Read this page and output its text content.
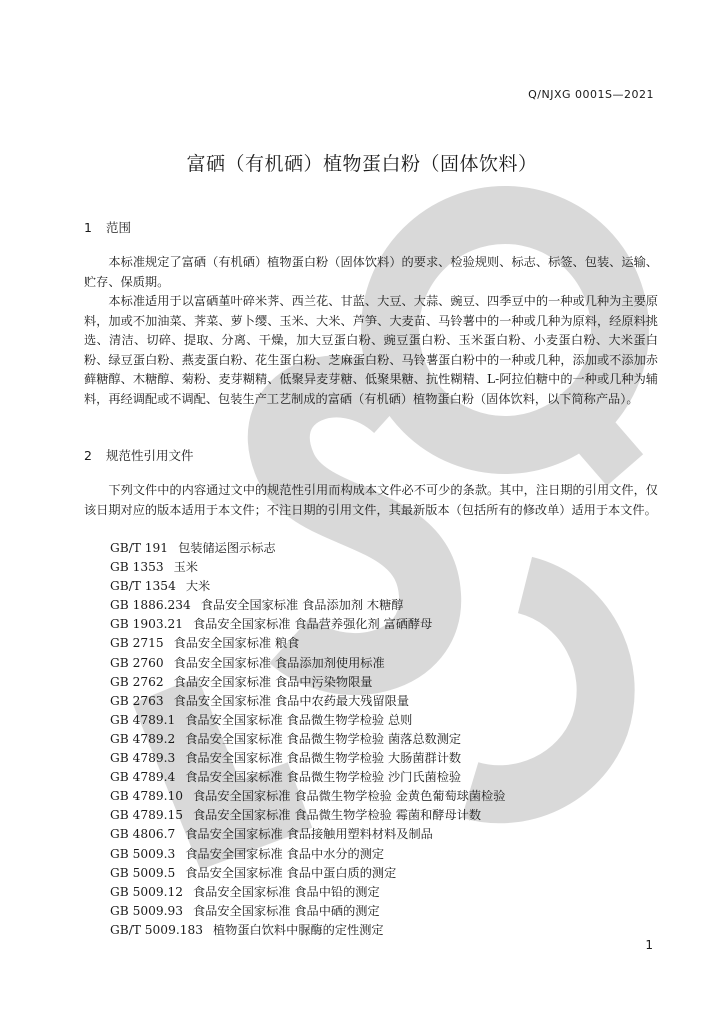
Q/NJXG 0001S—2021
富硒（有机硒）植物蛋白粉（固体饮料）
1 范围

本标准规定了富硒（有机硒）植物蛋白粉（固体饮料）的要求、检验规则、标志、标签、包装、运输、贮存、保质期。

本标准适用于以富硒堇叶碎米荠、西兰花、甘蓝、大豆、大蒜、豌豆、四季豆中的一种或几种为主要原料，加或不加油菜、荠菜、萝卜缨、玉米、大米、芦笋、大麦苗、马铃薯中的一种或几种为原料，经原料挑选、清洁、切碎、提取、分离、干燥，加大豆蛋白粉、豌豆蛋白粉、玉米蛋白粉、小麦蛋白粉、大米蛋白粉、绿豆蛋白粉、燕麦蛋白粉、花生蛋白粉、芝麻蛋白粉、马铃薯蛋白粉中的一种或几种，添加或不添加赤藓糖醇、木糖醇、菊粉、麦芽糊精、低聚异麦芽糖、低聚果糖、抗性糊精、L-阿拉伯糖中的一种或几种为辅料，再经调配或不调配、包装生产工艺制成的富硒（有机硒）植物蛋白粉（固体饮料，以下简称产品）。

2 规范性引用文件

下列文件中的内容通过文中的规范性引用而构成本文件必不可少的条款。其中，注日期的引用文件，仅该日期对应的版本适用于本文件；不注日期的引用文件，其最新版本（包括所有的修改单）适用于本文件。

GB/T 191 包装储运图示标志
GB 1353 玉米
GB/T 1354 大米
GB 1886.234 食品安全国家标准 食品添加剂 木糖醇
GB 1903.21 食品安全国家标准 食品营养强化剂 富硒酵母
GB 2715 食品安全国家标准 粮食
GB 2760 食品安全国家标准 食品添加剂使用标准
GB 2762 食品安全国家标准 食品中污染物限量
GB 2763 食品安全国家标准 食品中农药最大残留限量
GB 4789.1 食品安全国家标准 食品微生物学检验 总则
GB 4789.2 食品安全国家标准 食品微生物学检验 菌落总数测定
GB 4789.3 食品安全国家标准 食品微生物学检验 大肠菌群计数
GB 4789.4 食品安全国家标准 食品微生物学检验 沙门氏菌检验
GB 4789.10 食品安全国家标准 食品微生物学检验 金黄色葡萄球菌检验
GB 4789.15 食品安全国家标准 食品微生物学检验 霉菌和酵母计数
GB 4806.7 食品安全国家标准 食品接触用塑料材料及制品
GB 5009.3 食品安全国家标准 食品中水分的测定
GB 5009.5 食品安全国家标准 食品中蛋白质的测定
GB 5009.12 食品安全国家标准 食品中铅的测定
GB 5009.93 食品安全国家标准 食品中硒的测定
GB/T 5009.183 植物蛋白饮料中脲酶的定性测定
1
